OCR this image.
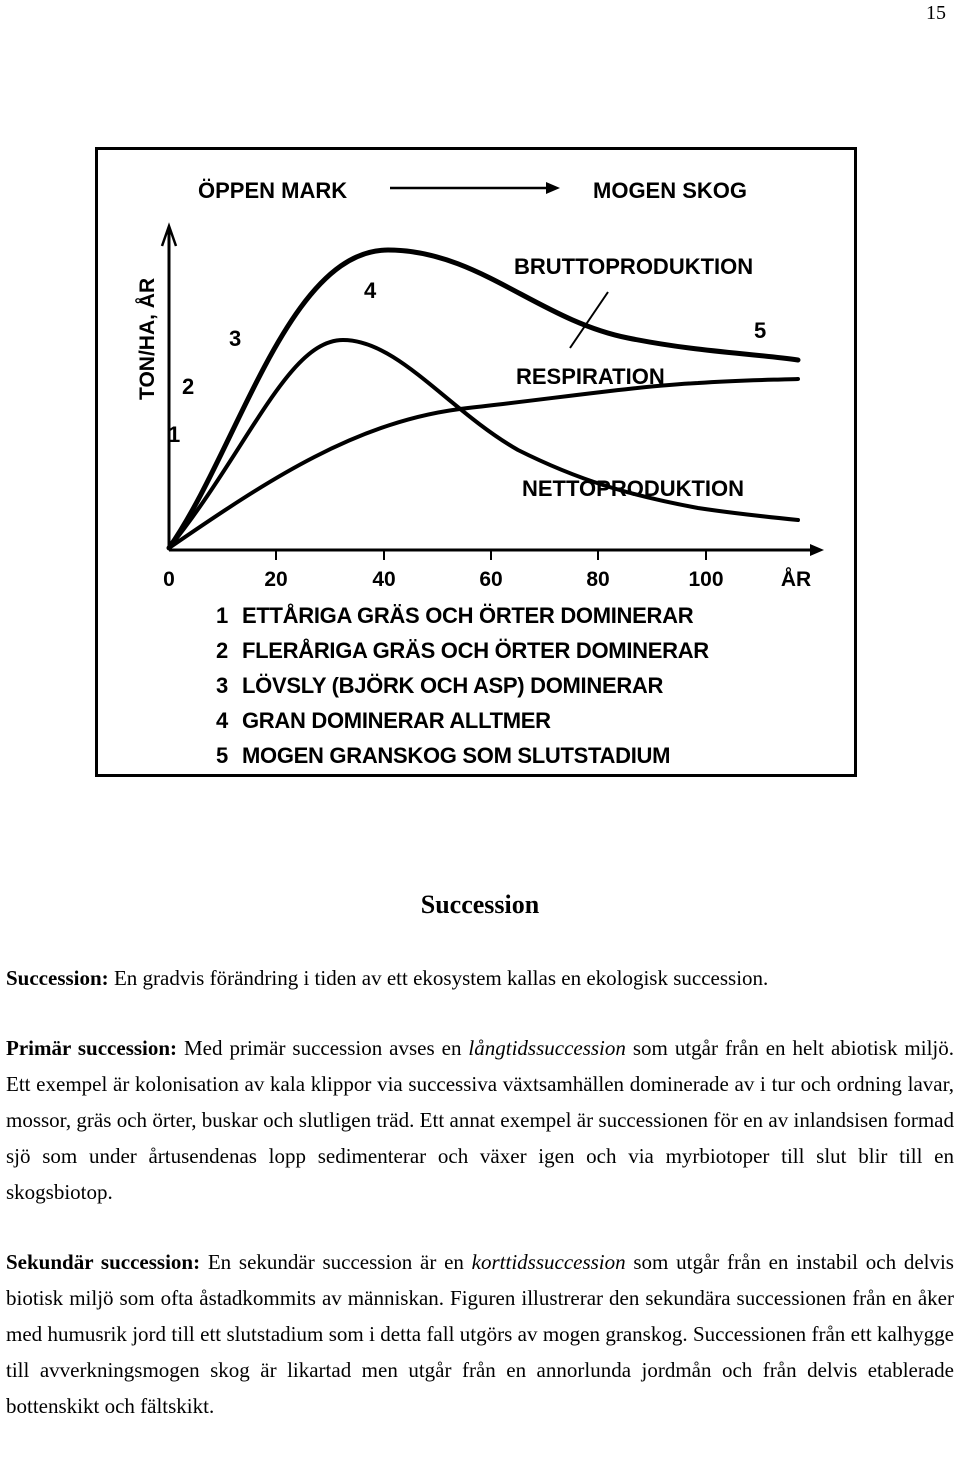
15
ÖPPEN MARK	MOGEN SKOG
TON/HA, ÅR
0	20	40	60	80	100	ÅR
BRUTTOPRODUKTION
RESPIRATION
NETTOPRODUKTION
1
2
3
4
5
1 ETTÅRIGA GRÄS OCH ÖRTER DOMINERAR
2 FLERÅRIGA GRÄS OCH ÖRTER DOMINERAR
3 LÖVSLY (BJÖRK OCH ASP) DOMINERAR
4 GRAN DOMINERAR ALLTMER
5 MOGEN GRANSKOG SOM SLUTSTADIUM
Succession

Succession: En gradvis förändring i tiden av ett ekosystem kallas en ekologisk succession.

Primär succession: Med primär succession avses en långtidssuccession som utgår från en helt abiotisk miljö. Ett exempel är kolonisation av kala klippor via successiva växtsamhällen dominerade av i tur och ordning lavar, mossor, gräs och örter, buskar och slutligen träd. Ett annat exempel är successionen för en av inlandsisen formad sjö som under årtusendenas lopp sedimenterar och växer igen och via myrbiotoper till slut blir till en skogsbiotop.

Sekundär succession: En sekundär succession är en korttidssuccession som utgår från en instabil och delvis biotisk miljö som ofta åstadkommits av människan. Figuren illustrerar den sekundära successionen från en åker med humusrik jord till ett slutstadium som i detta fall utgörs av mogen granskog. Successionen från ett kalhygge till avverkningsmogen skog är likartad men utgår från en annorlunda jordmån och från delvis etablerade bottenskikt och fältskikt.
